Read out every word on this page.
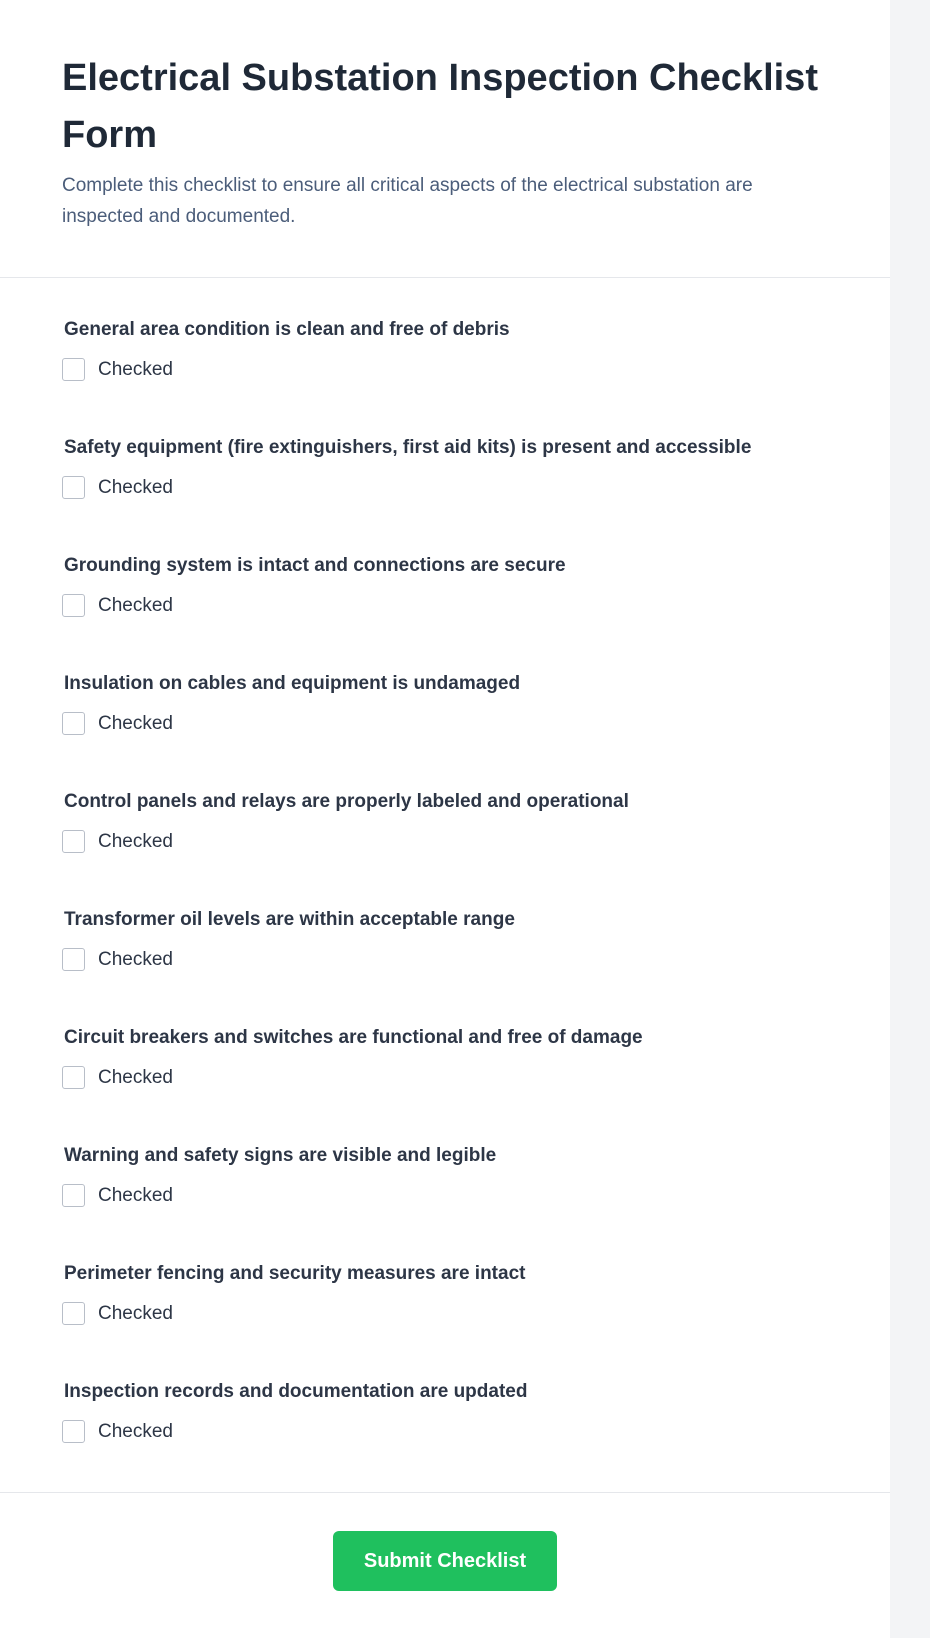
Electrical Substation Inspection Checklist Form

Complete this checklist to ensure all critical aspects of the electrical substation are inspected and documented.

General area condition is clean and free of debris
Checked
Safety equipment (fire extinguishers, first aid kits) is present and accessible
Checked
Grounding system is intact and connections are secure
Checked
Insulation on cables and equipment is undamaged
Checked
Control panels and relays are properly labeled and operational
Checked
Transformer oil levels are within acceptable range
Checked
Circuit breakers and switches are functional and free of damage
Checked
Warning and safety signs are visible and legible
Checked
Perimeter fencing and security measures are intact
Checked
Inspection records and documentation are updated
Checked
Submit Checklist
